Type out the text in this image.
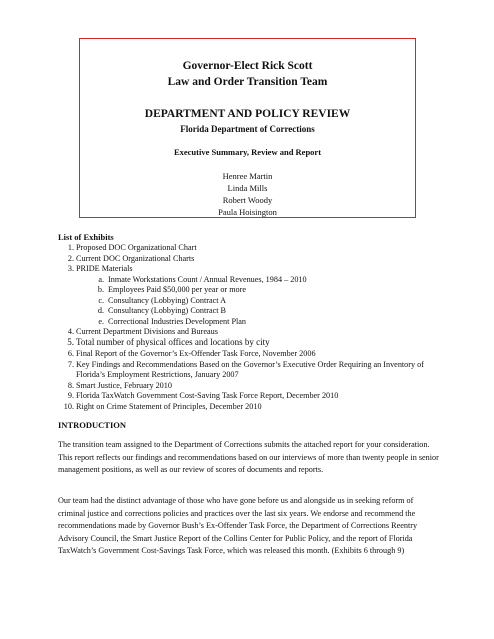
Governor-Elect Rick Scott
Law and Order Transition Team
DEPARTMENT AND POLICY REVIEW
Florida Department of Corrections
Executive Summary, Review and Report
Henree Martin
Linda Mills
Robert Woody
Paula Hoisington
List of Exhibits
1. Proposed DOC Organizational Chart
2. Current DOC Organizational Charts
3. PRIDE Materials
a. Inmate Workstations Count / Annual Revenues, 1984 – 2010
b. Employees Paid $50,000 per year or more
c. Consultancy (Lobbying) Contract A
d. Consultancy (Lobbying) Contract B
e. Correctional Industries Development Plan
4. Current Department Divisions and Bureaus
5. Total number of physical offices and locations by city
6. Final Report of the Governor’s Ex-Offender Task Force, November 2006
7. Key Findings and Recommendations Based on the Governor’s Executive Order Requiring an Inventory of Florida’s Employment Restrictions, January 2007
8. Smart Justice, February 2010
9. Florida TaxWatch Government Cost-Saving Task Force Report, December 2010
10. Right on Crime Statement of Principles, December 2010
INTRODUCTION
The transition team assigned to the Department of Corrections submits the attached report for your consideration. This report reflects our findings and recommendations based on our interviews of more than twenty people in senior management positions, as well as our review of scores of documents and reports.
Our team had the distinct advantage of those who have gone before us and alongside us in seeking reform of criminal justice and corrections policies and practices over the last six years. We endorse and recommend the recommendations made by Governor Bush’s Ex-Offender Task Force, the Department of Corrections Reentry Advisory Council, the Smart Justice Report of the Collins Center for Public Policy, and the report of Florida TaxWatch’s Government Cost-Savings Task Force, which was released this month. (Exhibits 6 through 9)
